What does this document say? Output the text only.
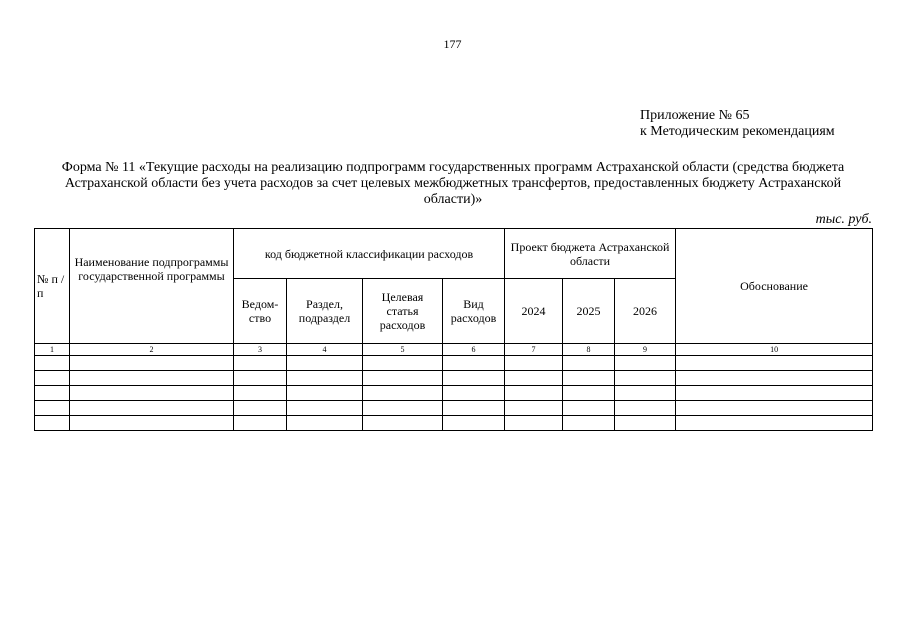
177
Приложение № 65
к Методическим рекомендациям
Форма № 11 «Текущие расходы на реализацию подпрограмм государственных программ Астраханской области (средства бюджета Астраханской области без учета расходов за счет целевых межбюджетных трансфертов, предоставленных бюджету Астраханской области)»
тыс. руб.
№ п /п	Наименование подпрограммы государственной программы	код бюджетной классификации расходов				Проект бюджета Астраханской области			Обоснование
		Ведом-ство	Раздел, подраздел	Целевая статья расходов	Вид расходов	2024	2025	2026	
1	2	3	4	5	6	7	8	9	10
